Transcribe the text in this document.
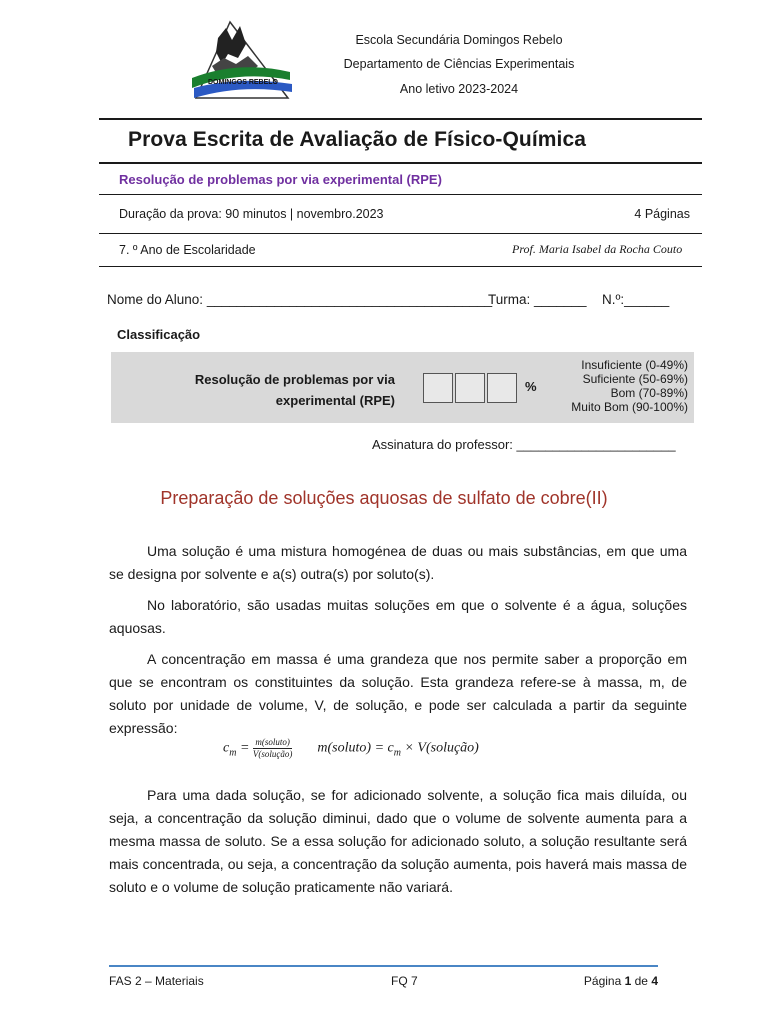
DOMINGOS REBELO
Escola Secundária Domingos Rebelo
Departamento de Ciências Experimentais
Ano letivo 2023-2024
Prova Escrita de Avaliação de Físico-Química
Resolução de problemas por via experimental (RPE)
Duração da prova: 90 minutos | novembro.2023	4 Páginas
7. º Ano de Escolaridade	Prof. Maria Isabel da Rocha Couto
Nome do Aluno: ______________________________________
Turma: _______ N.º:______
Classificação
Resolução de problemas por via
experimental (RPE)
%
Insuficiente (0-49%)
Suficiente (50-69%)
Bom (70-89%)
Muito Bom (90-100%)
Assinatura do professor: ______________________
Preparação de soluções aquosas de sulfato de cobre(II)
Uma solução é uma mistura homogénea de duas ou mais substâncias, em que uma se designa por solvente e a(s) outra(s) por soluto(s).
No laboratório, são usadas muitas soluções em que o solvente é a água, soluções aquosas.
A concentração em massa é uma grandeza que nos permite saber a proporção em que se encontram os constituintes da solução. Esta grandeza refere-se à massa, m, de soluto por unidade de volume, V, de solução, e pode ser calculada a partir da seguinte expressão:
$c_m = \frac{\text{m(soluto)}}{\text{V(solução)}}$ m(soluto) = $c_m$ × V(solução)
Para uma dada solução, se for adicionado solvente, a solução fica mais diluída, ou seja, a concentração da solução diminui, dado que o volume de solvente aumenta para a mesma massa de soluto. Se a essa solução for adicionado soluto, a solução resultante será mais concentrada, ou seja, a concentração da solução aumenta, pois haverá mais massa de soluto e o volume de solução praticamente não variará.
FAS 2 – Materiais	FQ 7	Página 1 de 4
